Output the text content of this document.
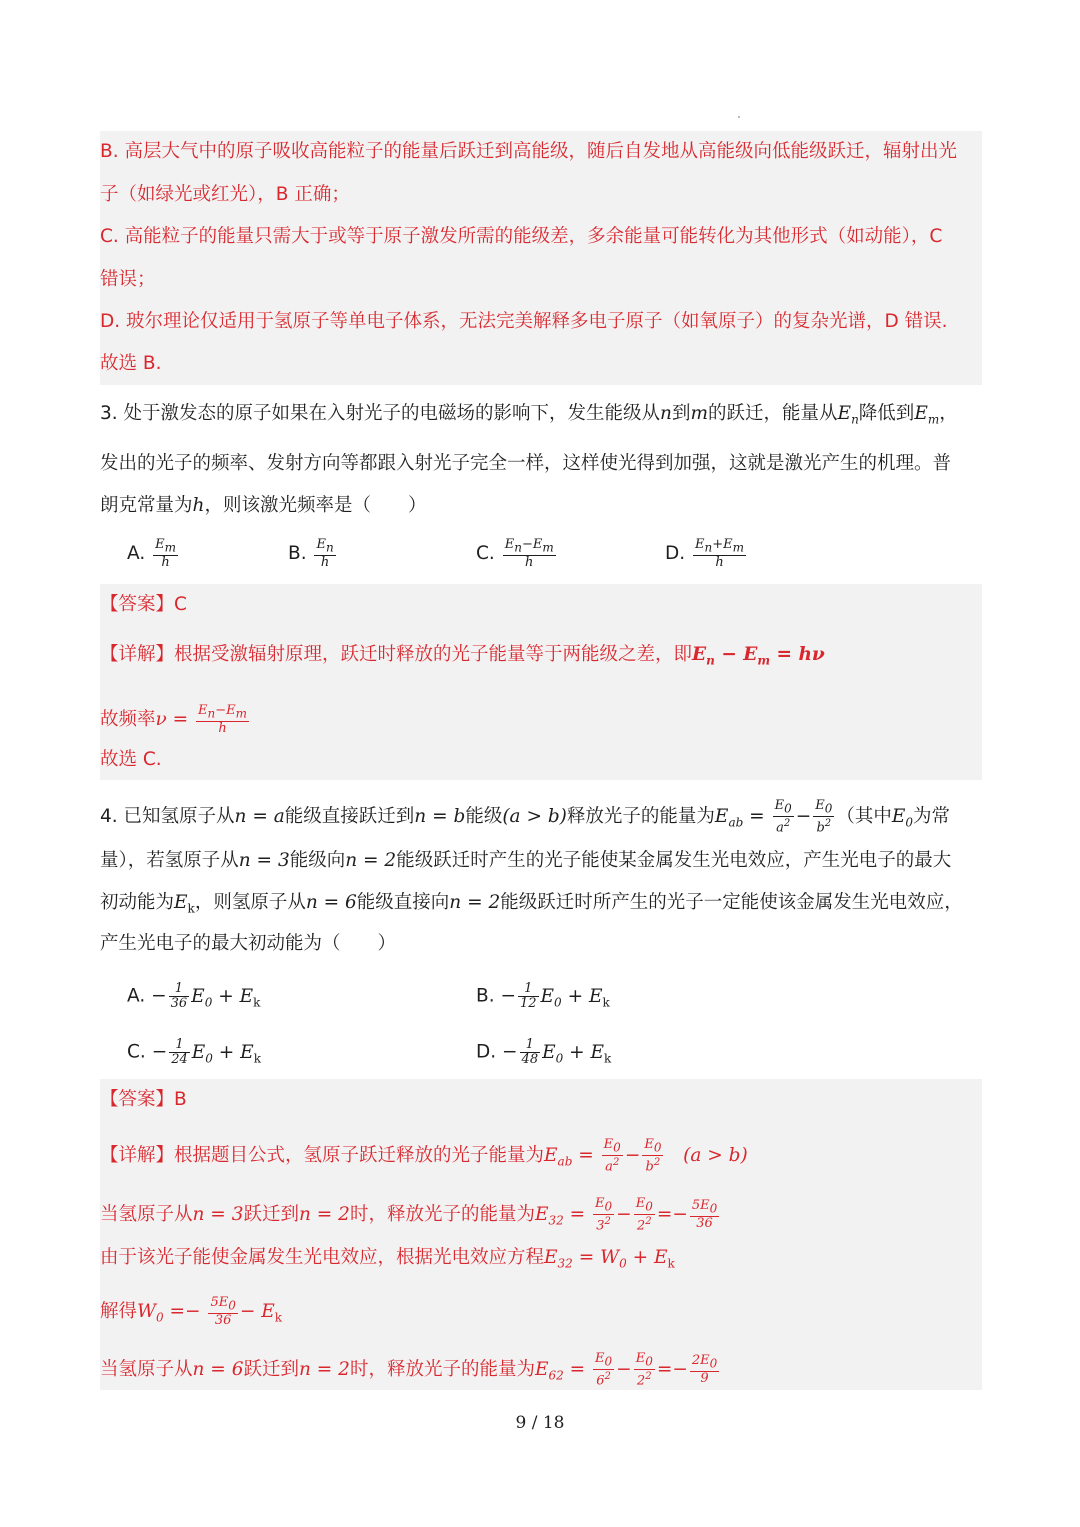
B. 高层大气中的原子吸收高能粒子的能量后跃迁到高能级，随后自发地从高能级向低能级跃迁，辐射出光
子（如绿光或红光），B 正确；
C. 高能粒子的能量只需大于或等于原子激发所需的能级差，多余能量可能转化为其他形式（如动能），C
错误；
D. 玻尔理论仅适用于氢原子等单电子体系，无法完美解释多电子原子（如氧原子）的复杂光谱，D 错误.
故选 B.
3. 处于激发态的原子如果在入射光子的电磁场的影响下，发生能级从n到m的跃迁，能量从$E_n$降低到$E_m$，
发出的光子的频率、发射方向等都跟入射光子完全一样，这样使光得到加强，这就是激光产生的机理。普
朗克常量为h，则该激光频率是（　　）
A. $\frac{E_m}{h}$	B. $\frac{E_n}{h}$	C. $\frac{E_n-E_m}{h}$	D. $\frac{E_n+E_m}{h}$
【答案】C
【详解】根据受激辐射原理，跃迁时释放的光子能量等于两能级之差，即$E_n - E_m = h\nu$
故频率$\nu = \frac{E_n-E_m}{h}$
故选 C.
4. 已知氢原子从n = a能级直接跃迁到n = b能级(a > b)释放光子的能量为$E_{ab} = \frac{E_0}{a^2} - \frac{E_0}{b^2}$ （其中$E_0$为常
量），若氢原子从n = 3能级向n = 2能级跃迁时产生的光子能使某金属发生光电效应，产生光电子的最大
初动能为$E_k$，则氢原子从n = 6能级直接向n = 2能级跃迁时所产生的光子一定能使该金属发生光电效应，
产生光电子的最大初动能为（　　）
A. − $\frac{1}{36} E_0 + E_k$	B. − $\frac{1}{12} E_0 + E_k$
C. − $\frac{1}{24} E_0 + E_k$	D. − $\frac{1}{48} E_0 + E_k$
【答案】B
【详解】根据题目公式，氢原子跃迁释放的光子能量为$E_{ab} = \frac{E_0}{a^2} - \frac{E_0}{b^2} (a > b)$
当氢原子从n = 3跃迁到n = 2时，释放光子的能量为$E_{32} = \frac{E_0}{3^2} - \frac{E_0}{2^2} =- \frac{5E_0}{36}$
由于该光子能使金属发生光电效应，根据光电效应方程$E_{32} = W_0 + E_k$
解得$W_0 =- \frac{5E_0}{36} - E_k$
当氢原子从n = 6跃迁到n = 2时，释放光子的能量为$E_{62} = \frac{E_0}{6^2} - \frac{E_0}{2^2} =- \frac{2E_0}{9}$
9 / 18
